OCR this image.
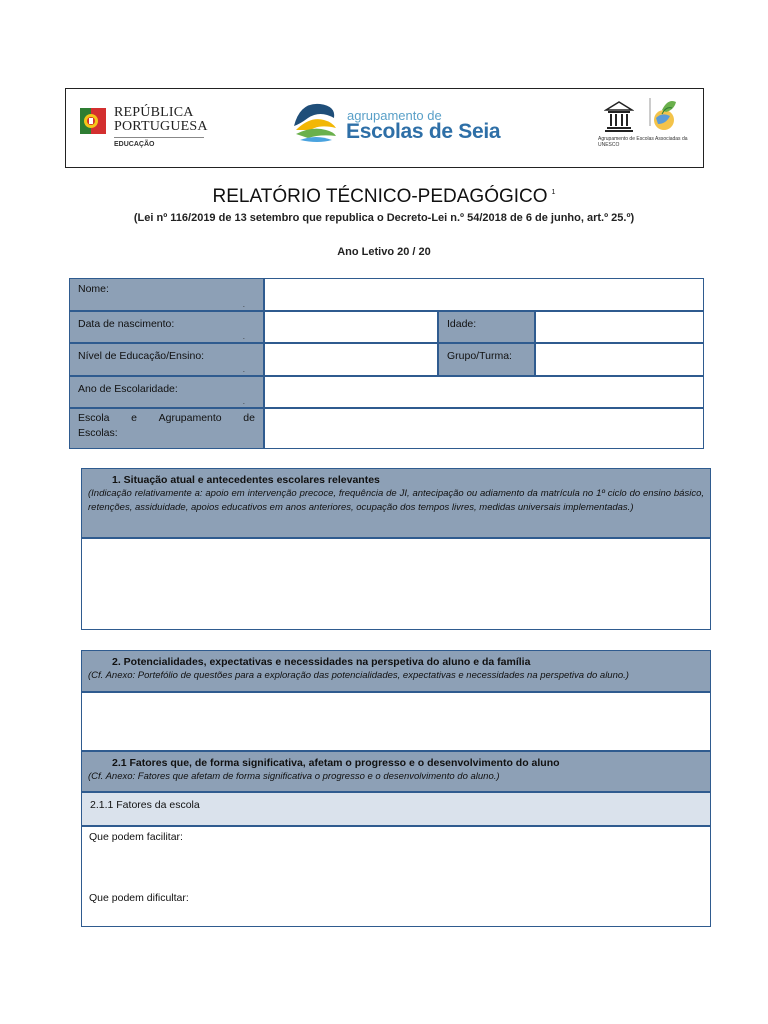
REPÚBLICA
PORTUGUESA
EDUCAÇÃO
agrupamento de
Escolas de Seia	Agrupamento de Escolas Associadas da UNESCO
RELATÓRIO TÉCNICO-PEDAGÓGICO $^1$
(Lei nº 116/2019 de 13 setembro que republica o Decreto-Lei n.º 54/2018 de 6 de junho, art.º 25.º)
Ano Letivo 20 / 20
Nome:
.
Data de nascimento:
.
Idade:
Nível de Educação/Ensino:
.
Grupo/Turma:
Ano de Escolaridade:
.
Escola e Agrupamento de
Escolas:
1. Situação atual e antecedentes escolares relevantes
(Indicação relativamente a: apoio em intervenção precoce, frequência de JI, antecipação ou adiamento da matrícula no 1º ciclo do ensino básico, retenções, assiduidade, apoios educativos em anos anteriores, ocupação dos tempos livres, medidas universais implementadas.)
2. Potencialidades, expectativas e necessidades na perspetiva do aluno e da família
(Cf. Anexo: Portefólio de questões para a exploração das potencialidades, expectativas e necessidades na perspetiva do aluno.)
2.1 Fatores que, de forma significativa, afetam o progresso e o desenvolvimento do aluno
(Cf. Anexo: Fatores que afetam de forma significativa o progresso e o desenvolvimento do aluno.)
2.1.1 Fatores da escola
Que podem facilitar:
Que podem dificultar:
